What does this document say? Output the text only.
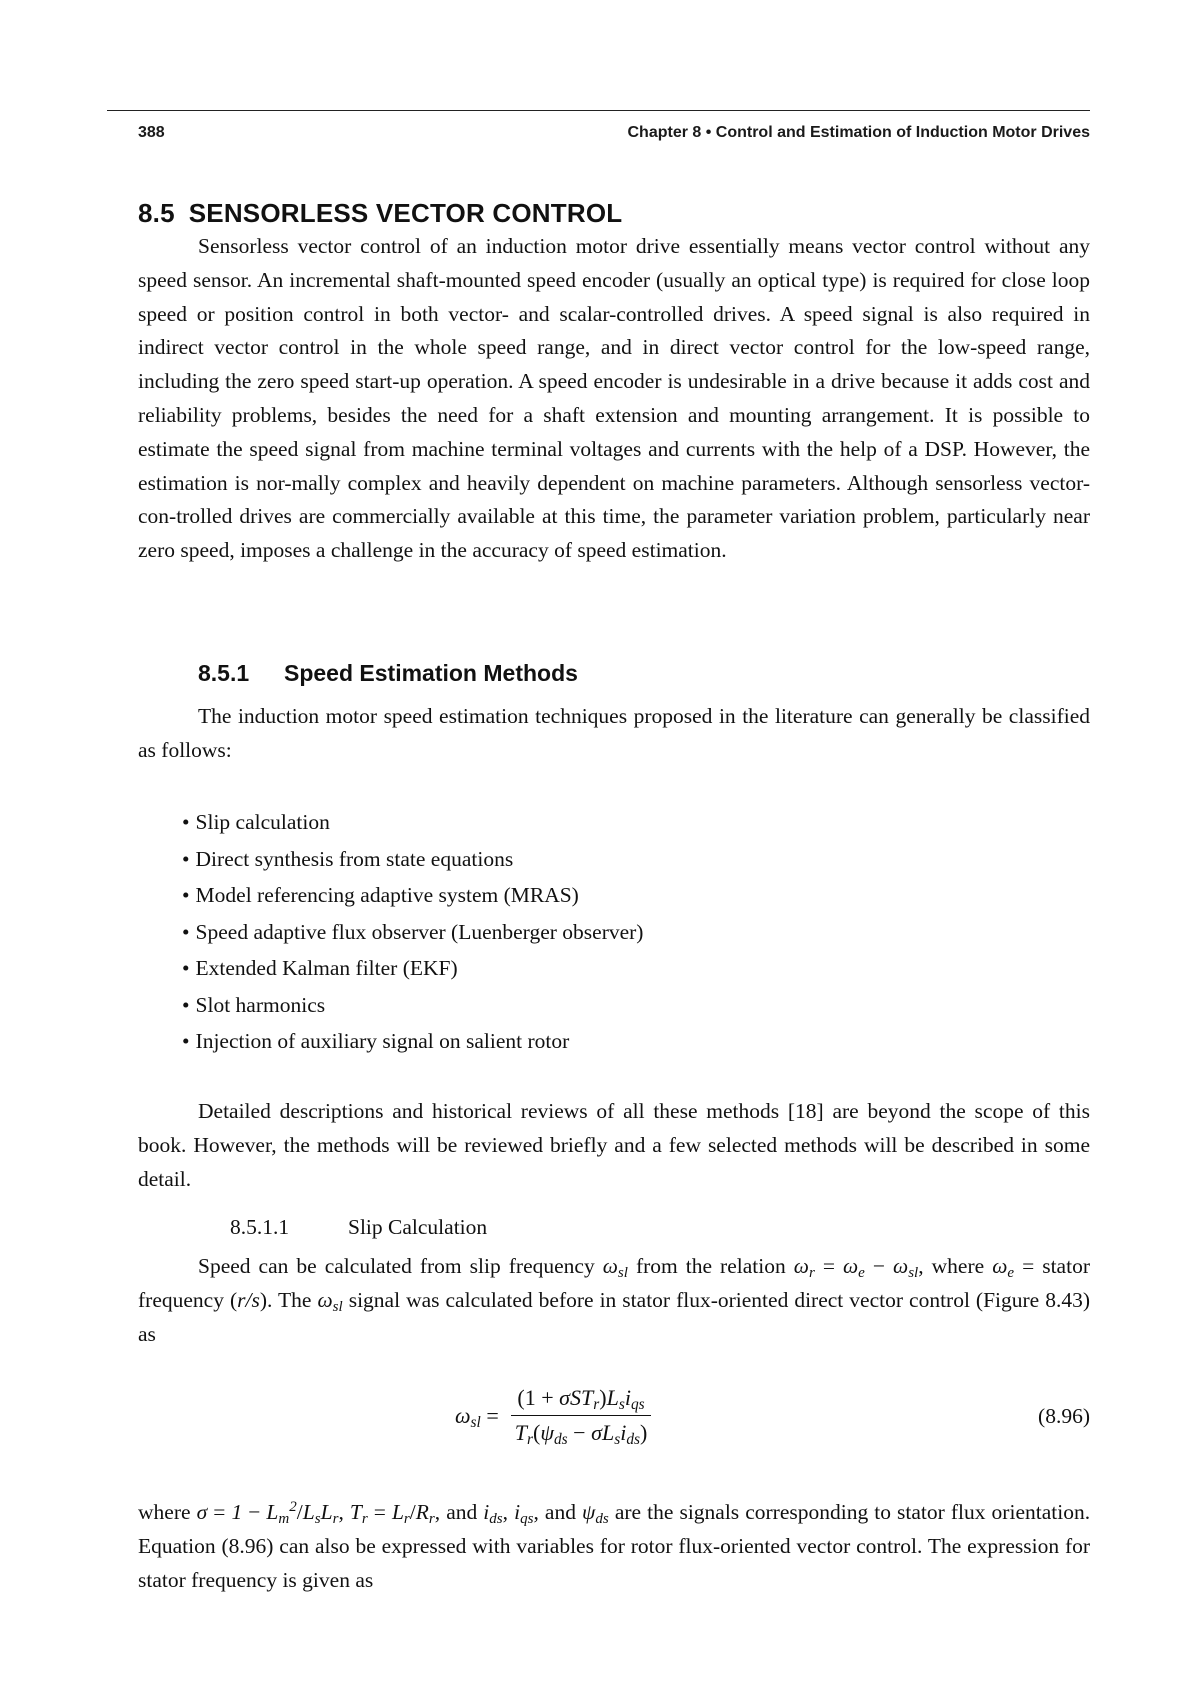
388	Chapter 8 • Control and Estimation of Induction Motor Drives
8.5 SENSORLESS VECTOR CONTROL

Sensorless vector control of an induction motor drive essentially means vector control without any speed sensor. An incremental shaft-mounted speed encoder (usually an optical type) is required for close loop speed or position control in both vector- and scalar-controlled drives. A speed signal is also required in indirect vector control in the whole speed range, and in direct vector control for the low-speed range, including the zero speed start-up operation. A speed encoder is undesirable in a drive because it adds cost and reliability problems, besides the need for a shaft extension and mounting arrangement. It is possible to estimate the speed signal from machine terminal voltages and currents with the help of a DSP. However, the estimation is nor-mally complex and heavily dependent on machine parameters. Although sensorless vector-con-trolled drives are commercially available at this time, the parameter variation problem, particularly near zero speed, imposes a challenge in the accuracy of speed estimation.

8.5.1 Speed Estimation Methods

The induction motor speed estimation techniques proposed in the literature can generally be classified as follows:

• Slip calculation
• Direct synthesis from state equations
• Model referencing adaptive system (MRAS)
• Speed adaptive flux observer (Luenberger observer)
• Extended Kalman filter (EKF)
• Slot harmonics
• Injection of auxiliary signal on salient rotor

Detailed descriptions and historical reviews of all these methods [18] are beyond the scope of this book. However, the methods will be reviewed briefly and a few selected methods will be described in some detail.

8.5.1.1	Slip Calculation

Speed can be calculated from slip frequency $\omega_{sl}$ from the relation $\omega_r = \omega_e - \omega_{sl}$, where $\omega_e$ = stator frequency (r/s). The $\omega_{sl}$ signal was calculated before in stator flux-oriented direct vector control (Figure 8.43) as

$\omega_{sl} = \frac{(1 + \sigma ST_r)L_si_{qs}}{T_r(\psi_{ds} - \sigma L_si_{ds})}$	(8.96)

where $\sigma = 1 - L_m^2/L_sL_r$, $T_r = L_r/R_r$, and $i_{ds}$, $i_{qs}$, and $\psi_{ds}$ are the signals corresponding to stator flux orientation. Equation (8.96) can also be expressed with variables for rotor flux-oriented vector control. The expression for stator frequency is given as
